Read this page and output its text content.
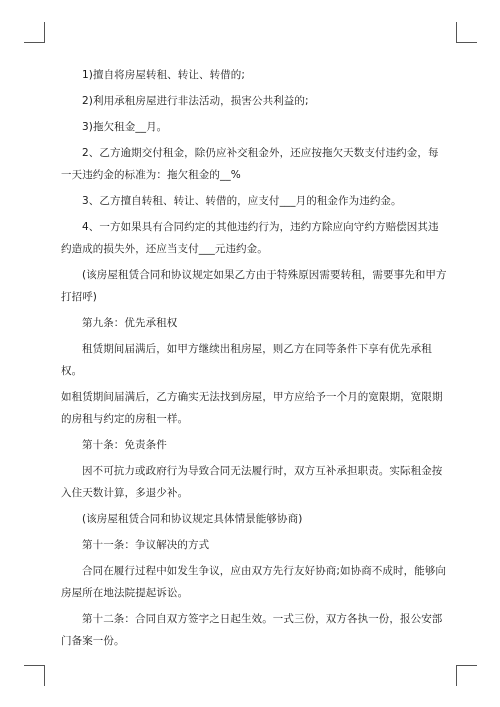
1)擅自将房屋转租、转让、转借的;

2)利用承租房屋进行非法活动，损害公共利益的;

3)拖欠租金__月。

2、乙方逾期交付租金，除仍应补交租金外，还应按拖欠天数支付违约金，每一天违约金的标准为：拖欠租金的__%

3、乙方擅自转租、转让、转借的，应支付___月的租金作为违约金。

4、一方如果具有合同约定的其他违约行为，违约方除应向守约方赔偿因其违约造成的损失外，还应当支付___元违约金。

(该房屋租赁合同和协议规定如果乙方由于特殊原因需要转租，需要事先和甲方打招呼)

第九条：优先承租权

租赁期间届满后，如甲方继续出租房屋，则乙方在同等条件下享有优先承租权。

如租赁期间届满后，乙方确实无法找到房屋，甲方应给予一个月的宽限期，宽限期的房租与约定的房租一样。

第十条：免责条件

因不可抗力或政府行为导致合同无法履行时，双方互补承担职责。实际租金按入住天数计算，多退少补。

(该房屋租赁合同和协议规定具体情景能够协商)

第十一条：争议解决的方式

合同在履行过程中如发生争议，应由双方先行友好协商;如协商不成时，能够向房屋所在地法院提起诉讼。

第十二条：合同自双方签字之日起生效。一式三份，双方各执一份，报公安部门备案一份。
